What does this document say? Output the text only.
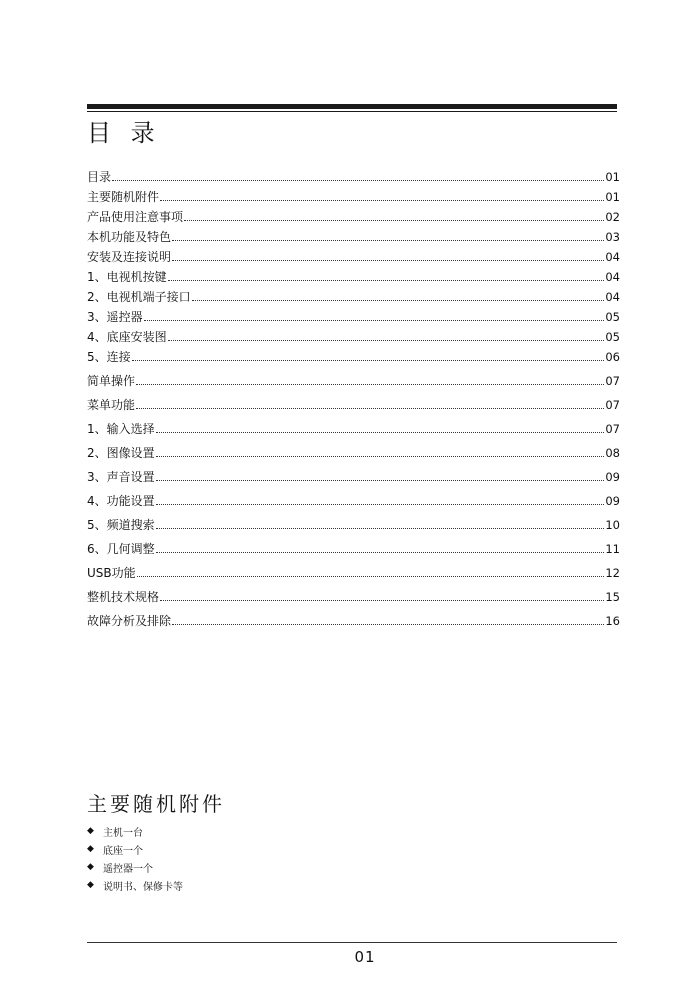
目 录
目录	01
主要随机附件	01
产品使用注意事项	02
本机功能及特色	03
安装及连接说明	04
1、电视机按键	04
2、电视机端子接口	04
3、遥控器	05
4、底座安装图	05
5、连接	06
简单操作	07
菜单功能	07
1、输入选择	07
2、图像设置	08
3、声音设置	09
4、功能设置	09
5、频道搜索	10
6、几何调整	11
USB功能	12
整机技术规格	15
故障分析及排除	16
主要随机附件
◆ 主机一台
◆ 底座一个
◆ 遥控器一个
◆ 说明书、保修卡等
01
